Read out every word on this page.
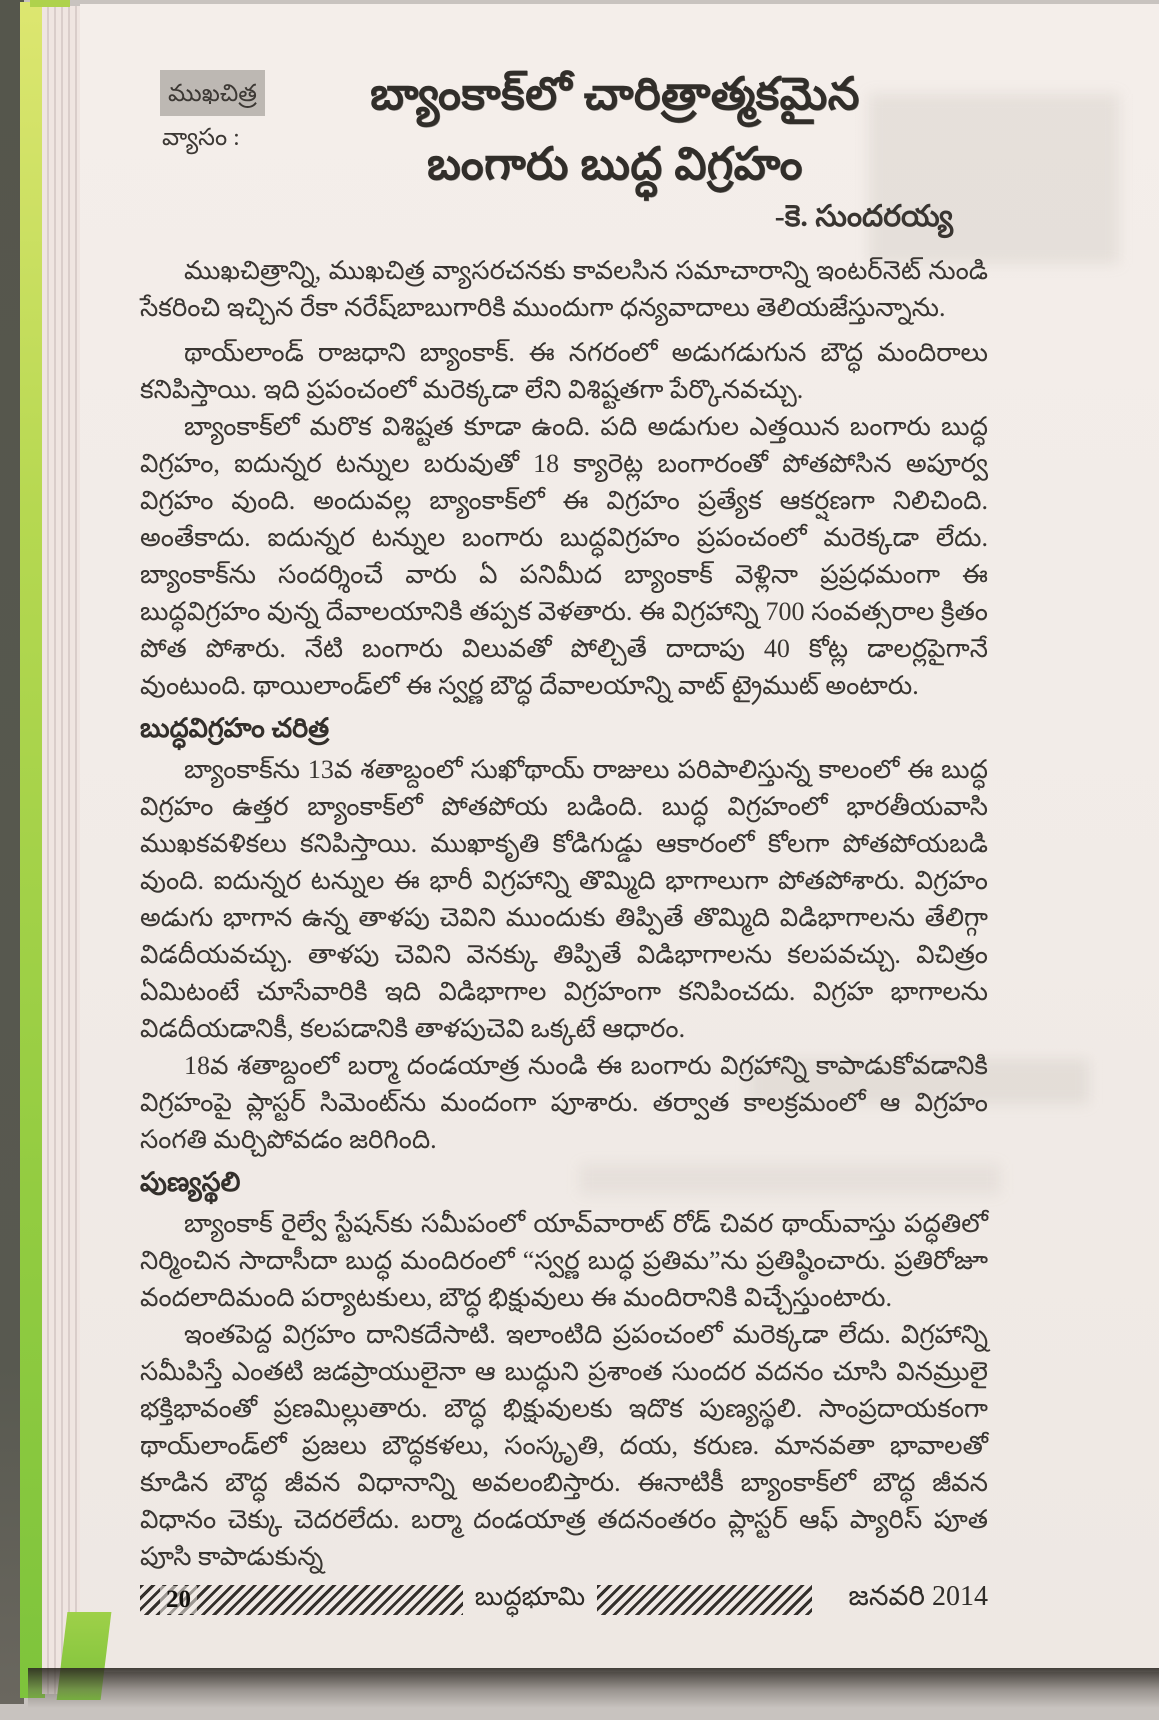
ముఖచిత్ర
వ్యాసం :
బ్యాంకాక్‌లో చారిత్రాత్మకమైన
బంగారు బుద్ధ విగ్రహం
-కె. సుందరయ్య

ముఖచిత్రాన్ని, ముఖచిత్ర వ్యాసరచనకు కావలసిన సమాచారాన్ని ఇంటర్‌నెట్ నుండి సేకరించి ఇచ్చిన రేకా నరేష్‌బాబుగారికి ముందుగా ధన్యవాదాలు తెలియజేస్తున్నాను.

థాయ్‌లాండ్ రాజధాని బ్యాంకాక్. ఈ నగరంలో అడుగడుగున బౌద్ధ మందిరాలు కనిపిస్తాయి. ఇది ప్రపంచంలో మరెక్కడా లేని విశిష్టతగా పేర్కొనవచ్చు.

బ్యాంకాక్‌లో మరొక విశిష్టత కూడా ఉంది. పది అడుగుల ఎత్తయిన బంగారు బుద్ధ విగ్రహం, ఐదున్నర టన్నుల బరువుతో 18 క్యారెట్ల బంగారంతో పోతపోసిన అపూర్వ విగ్రహం వుంది. అందువల్ల బ్యాంకాక్‌లో ఈ విగ్రహం ప్రత్యేక ఆకర్షణగా నిలిచింది. అంతేకాదు. ఐదున్నర టన్నుల బంగారు బుద్ధవిగ్రహం ప్రపంచంలో మరెక్కడా లేదు. బ్యాంకాక్‌ను సందర్శించే వారు ఏ పనిమీద బ్యాంకాక్ వెళ్లినా ప్రప్రధమంగా ఈ బుద్ధవిగ్రహం వున్న దేవాలయానికి తప్పక వెళతారు. ఈ విగ్రహాన్ని 700 సంవత్సరాల క్రితం పోత పోశారు. నేటి బంగారు విలువతో పోల్చితే దాదాపు 40 కోట్ల డాలర్లపైగానే వుంటుంది. థాయిలాండ్‌లో ఈ స్వర్ణ బౌద్ధ దేవాలయాన్ని వాట్ ట్రైముట్ అంటారు.

బుద్ధవిగ్రహం చరిత్ర

బ్యాంకాక్‌ను 13వ శతాబ్దంలో సుఖోథాయ్ రాజులు పరిపాలిస్తున్న కాలంలో ఈ బుద్ధ విగ్రహం ఉత్తర బ్యాంకాక్‌లో పోతపోయ బడింది. బుద్ధ విగ్రహంలో భారతీయవాసి ముఖకవళికలు కనిపిస్తాయి. ముఖాకృతి కోడిగుడ్డు ఆకారంలో కోలగా పోతపోయబడి వుంది. ఐదున్నర టన్నుల ఈ భారీ విగ్రహాన్ని తొమ్మిది భాగాలుగా పోతపోశారు. విగ్రహం అడుగు భాగాన ఉన్న తాళపు చెవిని ముందుకు తిప్పితే తొమ్మిది విడిభాగాలను తేలిగ్గా విడదీయవచ్చు. తాళపు చెవిని వెనక్కు తిప్పితే విడిభాగాలను కలపవచ్చు. విచిత్రం ఏమిటంటే చూసేవారికి ఇది విడిభాగాల విగ్రహంగా కనిపించదు. విగ్రహ భాగాలను విడదీయడానికీ, కలపడానికి తాళపుచెవి ఒక్కటే ఆధారం.

18వ శతాబ్దంలో బర్మా దండయాత్ర నుండి ఈ బంగారు విగ్రహాన్ని కాపాడుకోవడానికి విగ్రహంపై ప్లాస్టర్ సిమెంట్‌ను మందంగా పూశారు. తర్వాత కాలక్రమంలో ఆ విగ్రహం సంగతి మర్చిపోవడం జరిగింది.

పుణ్యస్థలి

బ్యాంకాక్ రైల్వే స్టేషన్‌కు సమీపంలో యావ్‌వారాట్ రోడ్ చివర థాయ్‌వాస్తు పద్ధతిలో నిర్మించిన సాదాసీదా బుద్ధ మందిరంలో “స్వర్ణ బుద్ధ ప్రతిమ”ను ప్రతిష్ఠించారు. ప్రతిరోజూ వందలాదిమంది పర్యాటకులు, బౌద్ధ భిక్షువులు ఈ మందిరానికి విచ్చేస్తుంటారు.

ఇంతపెద్ద విగ్రహం దానికదేసాటి. ఇలాంటిది ప్రపంచంలో మరెక్కడా లేదు. విగ్రహాన్ని సమీపిస్తే ఎంతటి జడప్రాయులైనా ఆ బుద్ధుని ప్రశాంత సుందర వదనం చూసి వినమ్రులై భక్తిభావంతో ప్రణమిల్లుతారు. బౌద్ధ భిక్షువులకు ఇదొక పుణ్యస్థలి. సాంప్రదాయకంగా థాయ్‌లాండ్‌లో ప్రజలు బౌద్ధకళలు, సంస్కృతి, దయ, కరుణ. మానవతా భావాలతో కూడిన బౌద్ధ జీవన విధానాన్ని అవలంబిస్తారు. ఈనాటికీ బ్యాంకాక్‌లో బౌద్ధ జీవన విధానం చెక్కు చెదరలేదు. బర్మా దండయాత్ర తదనంతరం ప్లాస్టర్ ఆఫ్ ప్యారిస్ పూత పూసి కాపాడుకున్న

20	బుద్ధభూమి	జనవరి 2014
